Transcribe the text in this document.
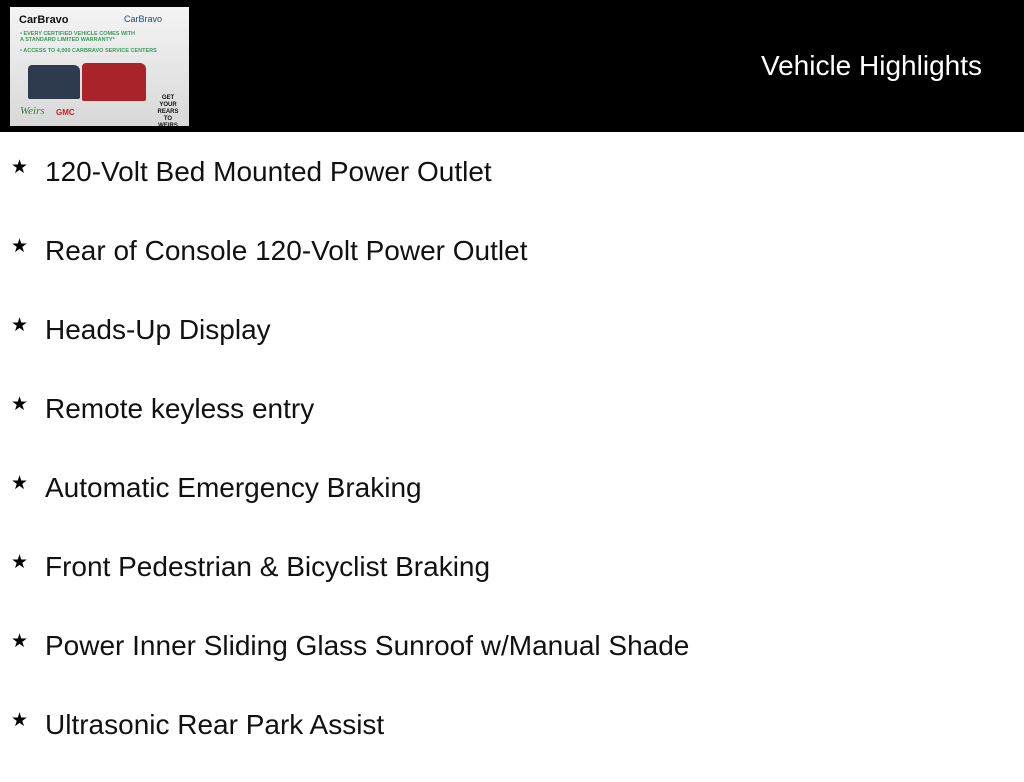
CarBravo	CarBravo
• EVERY CERTIFIED VEHICLE COMES WITH A STANDARD LIMITED WARRANTY*
• ACCESS TO 4,000 CARBRAVO SERVICE CENTERS
Weirs GMC
GET YOUR REARS TO WEIRS
Vehicle Highlights
★ 120-Volt Bed Mounted Power Outlet
★ Rear of Console 120-Volt Power Outlet
★ Heads-Up Display
★ Remote keyless entry
★ Automatic Emergency Braking
★ Front Pedestrian & Bicyclist Braking
★ Power Inner Sliding Glass Sunroof w/Manual Shade
★ Ultrasonic Rear Park Assist
